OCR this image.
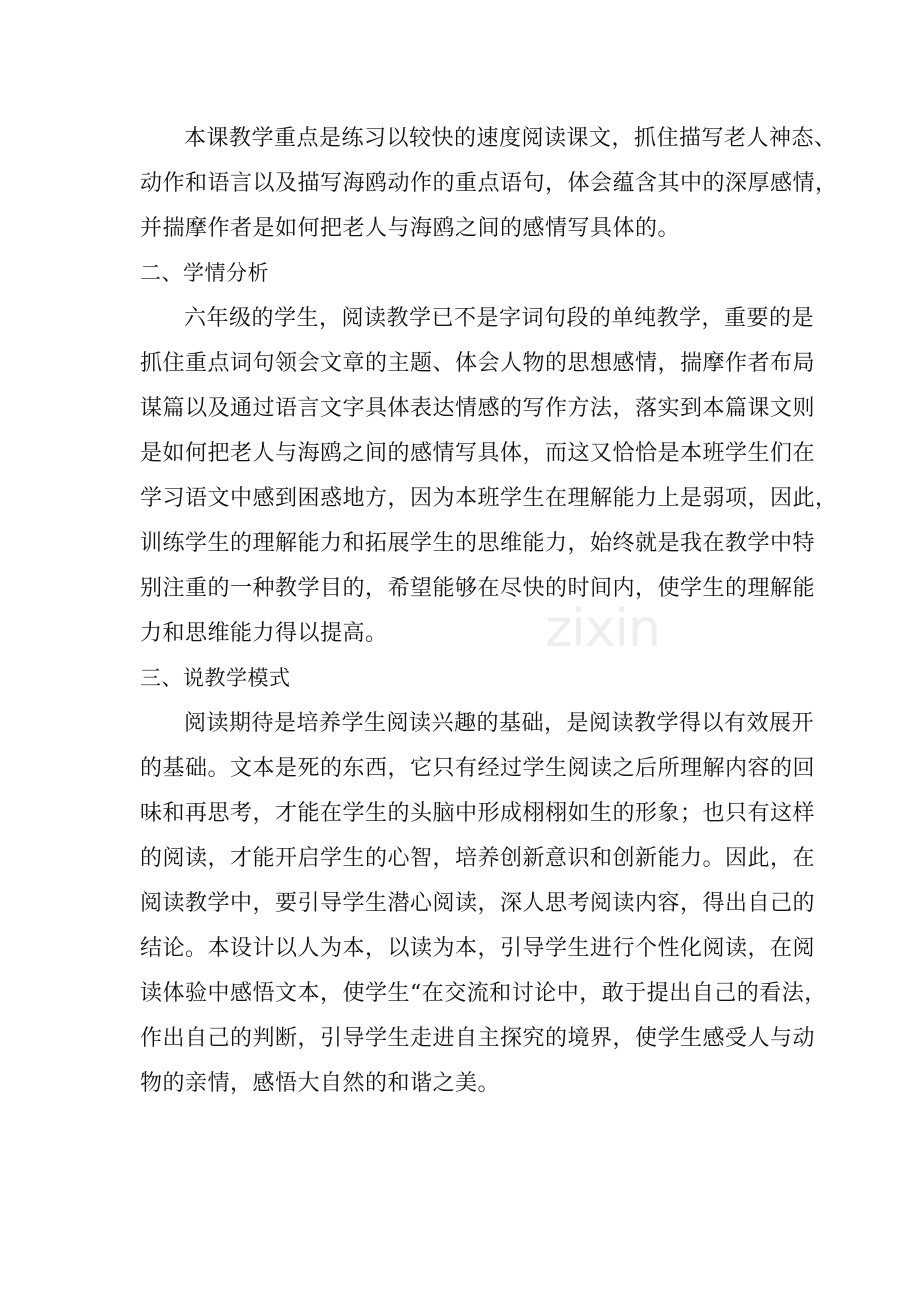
本课教学重点是练习以较快的速度阅读课文，抓住描写老人神态、
动作和语言以及描写海鸥动作的重点语句，体会蕴含其中的深厚感情，
并揣摩作者是如何把老人与海鸥之间的感情写具体的。
二、学情分析
六年级的学生，阅读教学已不是字词句段的单纯教学，重要的是
抓住重点词句领会文章的主题、体会人物的思想感情，揣摩作者布局
谋篇以及通过语言文字具体表达情感的写作方法，落实到本篇课文则
是如何把老人与海鸥之间的感情写具体，而这又恰恰是本班学生们在
学习语文中感到困惑地方，因为本班学生在理解能力上是弱项，因此，
训练学生的理解能力和拓展学生的思维能力，始终就是我在教学中特
别注重的一种教学目的，希望能够在尽快的时间内，使学生的理解能
力和思维能力得以提高。
三、说教学模式
阅读期待是培养学生阅读兴趣的基础，是阅读教学得以有效展开
的基础。文本是死的东西，它只有经过学生阅读之后所理解内容的回
味和再思考，才能在学生的头脑中形成栩栩如生的形象；也只有这样
的阅读，才能开启学生的心智，培养创新意识和创新能力。因此，在
阅读教学中，要引导学生潜心阅读，深人思考阅读内容，得出自己的
结论。本设计以人为本，以读为本，引导学生进行个性化阅读，在阅
读体验中感悟文本，使学生“在交流和讨论中，敢于提出自己的看法，
作出自己的判断，引导学生走进自主探究的境界，使学生感受人与动
物的亲情，感悟大自然的和谐之美。
zixin
